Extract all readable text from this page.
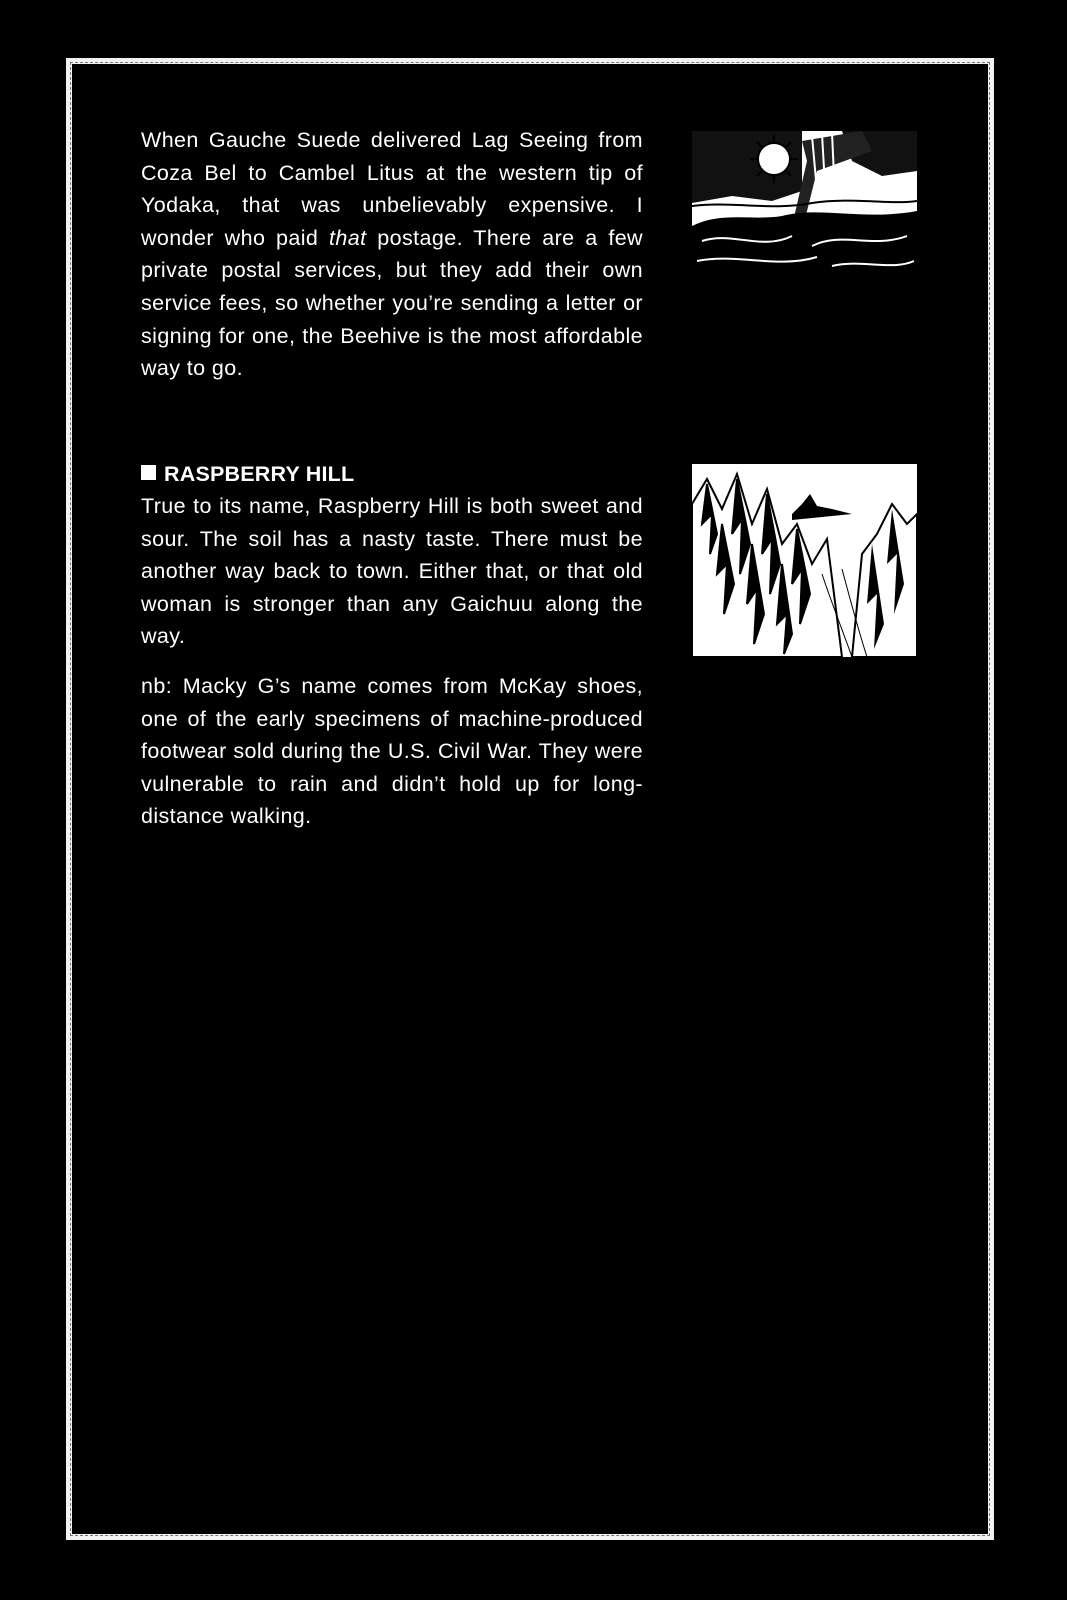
When Gauche Suede delivered Lag Seeing from Coza Bel to Cambel Litus at the western tip of Yodaka, that was unbelievably expensive. I wonder who paid that postage. There are a few private postal services, but they add their own service fees, so whether you’re sending a letter or signing for one, the Beehive is the most affordable way to go.

RASPBERRY HILL

True to its name, Raspberry Hill is both sweet and sour. The soil has a nasty taste. There must be another way back to town. Either that, or that old woman is stronger than any Gaichuu along the way.

nb: Macky G’s name comes from McKay shoes, one of the early specimens of machine-produced footwear sold during the U.S. Civil War. They were vulnerable to rain and didn’t hold up for long-distance walking.
